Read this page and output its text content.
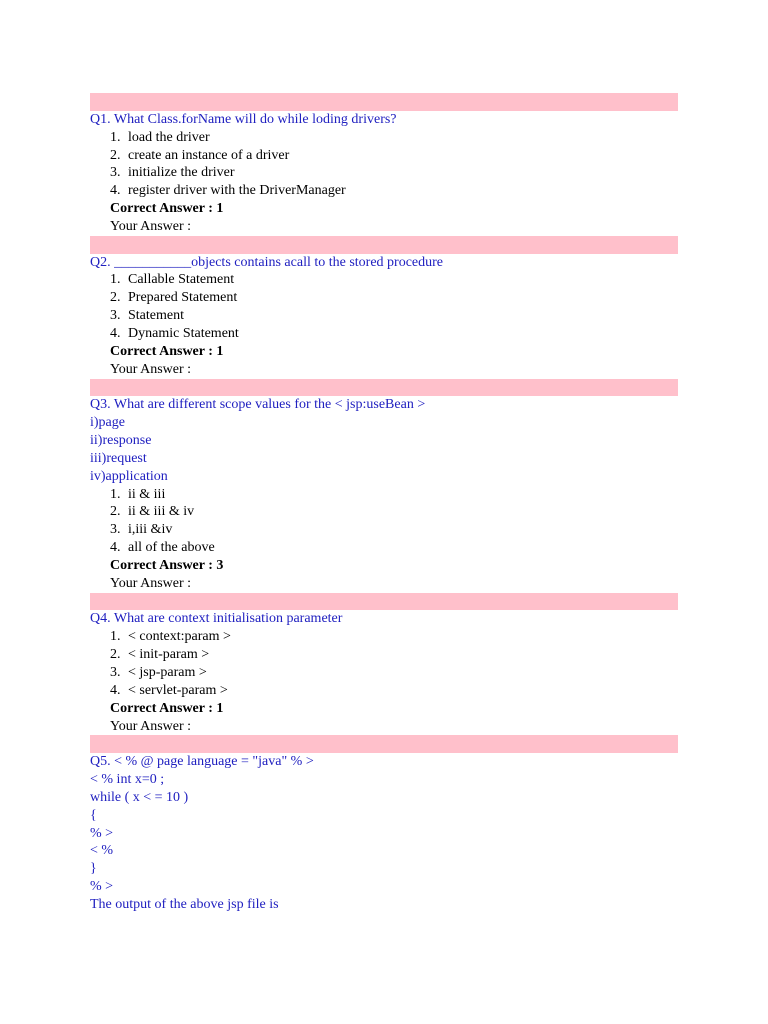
Q1. What Class.forName will do while loding drivers?
1. load the driver
2. create an instance of a driver
3. initialize the driver
4. register driver with the DriverManager
Correct Answer : 1
Your Answer :

Q2. ___________objects contains acall to the stored procedure
1. Callable Statement
2. Prepared Statement
3. Statement
4. Dynamic Statement
Correct Answer : 1
Your Answer :

Q3. What are different scope values for the < jsp:useBean >
i)page
ii)response
iii)request
iv)application
1. ii & iii
2. ii & iii & iv
3. i,iii &iv
4. all of the above
Correct Answer : 3
Your Answer :

Q4. What are context initialisation parameter
1. < context:param >
2. < init-param >
3. < jsp-param >
4. < servlet-param >
Correct Answer : 1
Your Answer :

Q5. < % @ page language = "java" % >
< % int x=0 ;
while ( x < = 10 )
{
% >
< %
}
% >
The output of the above jsp file is
